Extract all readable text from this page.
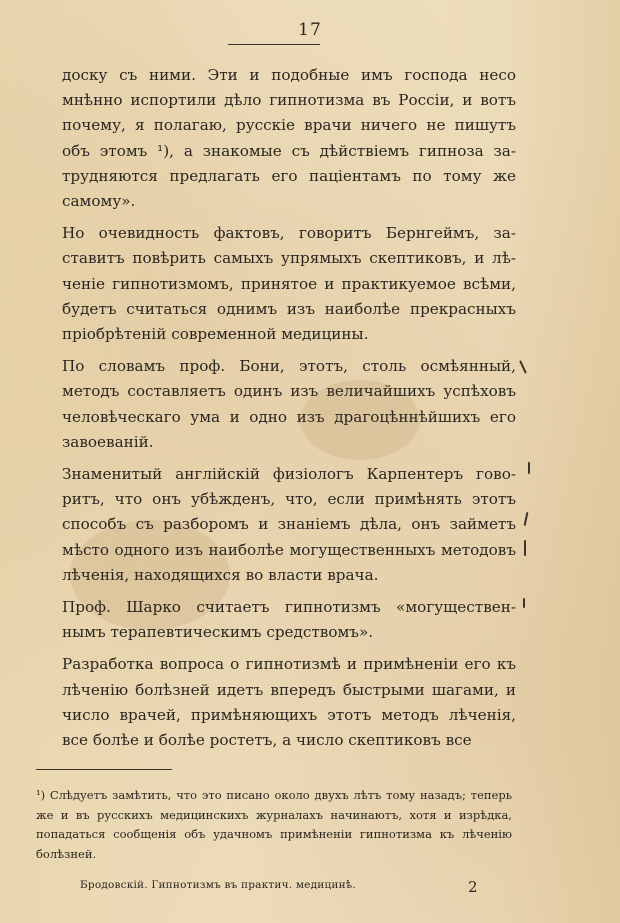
17

доску съ ними. Эти и подобные имъ господа несо мнѣнно испортили дѣло гипнотизма въ Россіи, и вотъ почему, я полагаю, русскіе врачи ничего не пишутъ объ этомъ ¹), а знакомые съ дѣйствіемъ гипноза за- трудняются предлагать его пацiентамъ по тому же самому».

Но очевидность фактовъ, говоритъ Бернгеймъ, за- ставитъ повѣрить самыхъ упрямыхъ скептиковъ, и лѣ- ченіе гипнотизмомъ, принятое и практикуемое всѣми, будетъ считаться однимъ изъ наиболѣе прекрасныхъ пріобрѣтеній современной медицины.

По словамъ проф. Бони, этотъ, столь осмѣянный, методъ составляетъ одинъ изъ величайшихъ успѣховъ человѣческаго ума и одно изъ драгоцѣннѣйшихъ его завоеваній.

Знаменитый англійскій физіологъ Карпентеръ гово- ритъ, что онъ убѣжденъ, что, если примѣнять этотъ способъ съ разборомъ и знаніемъ дѣла, онъ займетъ мѣсто одного изъ наиболѣе могущественныхъ методовъ лѣченія, находящихся во власти врача.

Проф. Шарко считаетъ гипнотизмъ «могуществен- нымъ терапевтическимъ средствомъ».

Разработка вопроса о гипнотизмѣ и примѣненіи его къ лѣченію болѣзней идетъ впередъ быстрыми шагами, и число врачей, примѣняющихъ этотъ методъ лѣченія, все болѣе и болѣе ростетъ, а число скептиковъ все

¹) Слѣдуетъ замѣтить, что это писано около двухъ лѣтъ тому назадъ; теперь же и въ русскихъ медицинскихъ журналахъ начинаютъ, хотя и изрѣдка, попадаться сообщенія объ удачномъ примѣненіи гипнотизма къ лѣченію болѣзней.

Бродовскій. Гипнотизмъ въ практич. медицинѣ.	2
